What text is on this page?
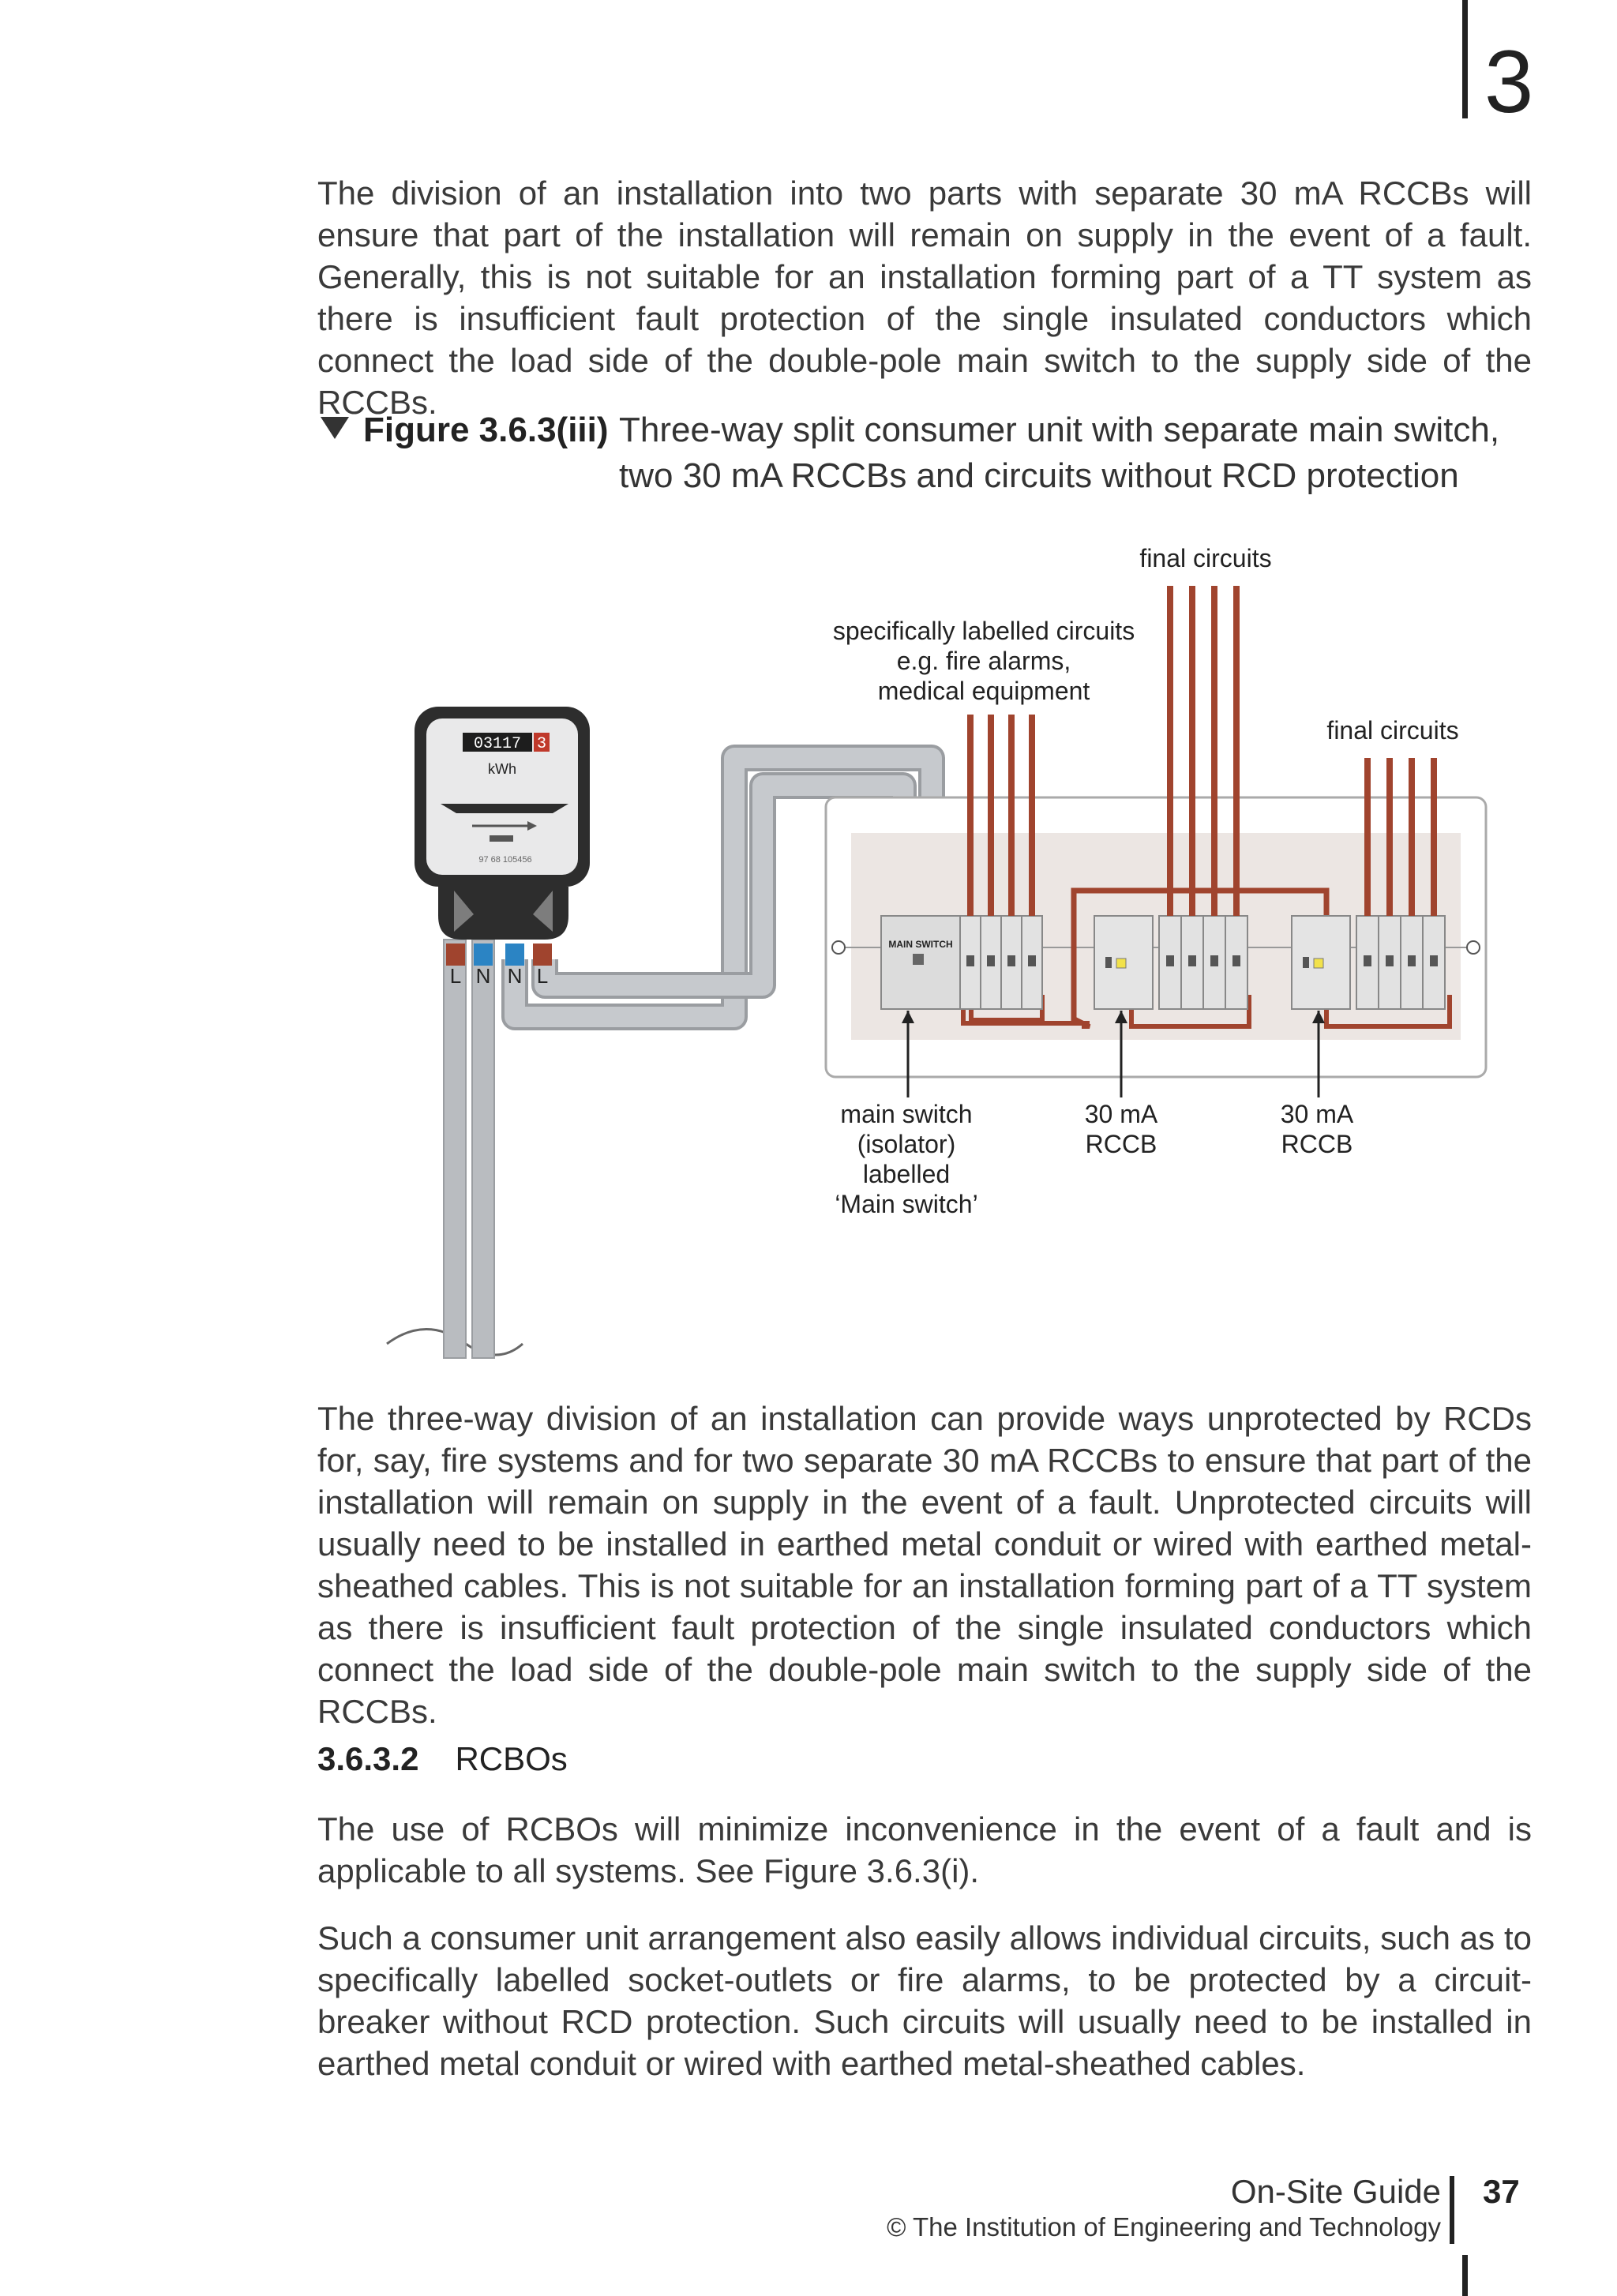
3

The division of an installation into two parts with separate 30 mA RCCBs will ensure that part of the installation will remain on supply in the event of a fault. Generally, this is not suitable for an installation forming part of a TT system as there is insufficient fault protection of the single insulated conductors which connect the load side of the double-pole main switch to the supply side of the RCCBs.

Figure 3.6.3(iii) Three-way split consumer unit with separate main switch, two 30 mA RCCBs and circuits without RCD protection
03117 3
kWh
97 68 105456
L N N L
MAIN SWITCH
final circuits
specifically labelled circuits
e.g. fire alarms,
medical equipment
final circuits
main switch
(isolator)
labelled
‘Main switch’
30 mA
RCCB
30 mA
RCCB

The three-way division of an installation can provide ways unprotected by RCDs for, say, fire systems and for two separate 30 mA RCCBs to ensure that part of the installation will remain on supply in the event of a fault. Unprotected circuits will usually need to be installed in earthed metal conduit or wired with earthed metal-sheathed cables. This is not suitable for an installation forming part of a TT system as there is insufficient fault protection of the single insulated conductors which connect the load side of the double-pole main switch to the supply side of the RCCBs.

3.6.3.2 RCBOs

The use of RCBOs will minimize inconvenience in the event of a fault and is applicable to all systems. See Figure 3.6.3(i).

Such a consumer unit arrangement also easily allows individual circuits, such as to specifically labelled socket-outlets or fire alarms, to be protected by a circuit-breaker without RCD protection. Such circuits will usually need to be installed in earthed metal conduit or wired with earthed metal-sheathed cables.

On-Site Guide
© The Institution of Engineering and Technology
37
